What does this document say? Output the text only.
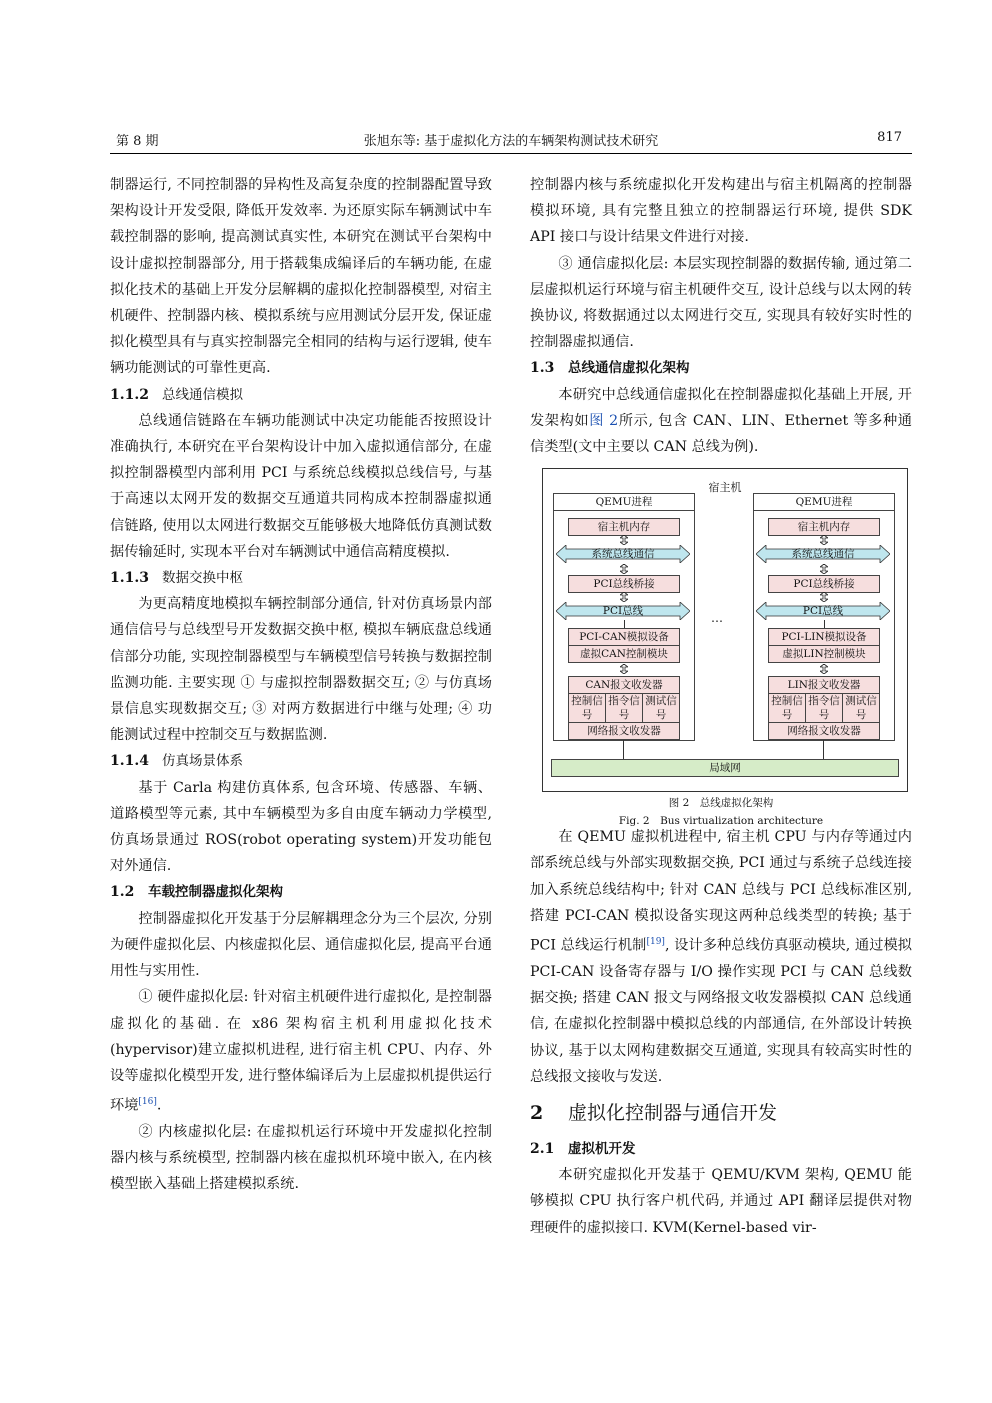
第 8 期	张旭东等: 基于虚拟化方法的车辆架构测试技术研究	817

制器运行, 不同控制器的异构性及高复杂度的控制器配置导致架构设计开发受限, 降低开发效率. 为还原实际车辆测试中车载控制器的影响, 提高测试真实性, 本研究在测试平台架构中设计虚拟控制器部分, 用于搭载集成编译后的车辆功能, 在虚拟化技术的基础上开发分层解耦的虚拟化控制器模型, 对宿主机硬件、控制器内核、模拟系统与应用测试分层开发, 保证虚拟化模型具有与真实控制器完全相同的结构与运行逻辑, 使车辆功能测试的可靠性更高.

1.1.2 总线通信模拟

总线通信链路在车辆功能测试中决定功能能否按照设计准确执行, 本研究在平台架构设计中加入虚拟通信部分, 在虚拟控制器模型内部利用 PCI 与系统总线模拟总线信号, 与基于高速以太网开发的数据交互通道共同构成本控制器虚拟通信链路, 使用以太网进行数据交互能够极大地降低仿真测试数据传输延时, 实现本平台对车辆测试中通信高精度模拟.

1.1.3 数据交换中枢

为更高精度地模拟车辆控制部分通信, 针对仿真场景内部通信信号与总线型号开发数据交换中枢, 模拟车辆底盘总线通信部分功能, 实现控制器模型与车辆模型信号转换与数据控制监测功能. 主要实现 ① 与虚拟控制器数据交互; ② 与仿真场景信息实现数据交互; ③ 对两方数据进行中继与处理; ④ 功能测试过程中控制交互与数据监测.

1.1.4 仿真场景体系

基于 Carla 构建仿真体系, 包含环境、传感器、车辆、道路模型等元素, 其中车辆模型为多自由度车辆动力学模型, 仿真场景通过 ROS(robot operating system)开发功能包对外通信.

1.2 车载控制器虚拟化架构

控制器虚拟化开发基于分层解耦理念分为三个层次, 分别为硬件虚拟化层、内核虚拟化层、通信虚拟化层, 提高平台通用性与实用性.

① 硬件虚拟化层: 针对宿主机硬件进行虚拟化, 是控制器虚拟化的基础. 在 x86 架构宿主机利用虚拟化技术(hypervisor)建立虚拟机进程, 进行宿主机 CPU、内存、外设等虚拟化模型开发, 进行整体编译后为上层虚拟机提供运行环境[16].

② 内核虚拟化层: 在虚拟机运行环境中开发虚拟化控制器内核与系统模型, 控制器内核在虚拟机环境中嵌入, 在内核模型嵌入基础上搭建模拟系统.

控制器内核与系统虚拟化开发构建出与宿主机隔离的控制器模拟环境, 具有完整且独立的控制器运行环境, 提供 SDK API 接口与设计结果文件进行对接.

③ 通信虚拟化层: 本层实现控制器的数据传输, 通过第二层虚拟机运行环境与宿主机硬件交互, 设计总线与以太网的转换协议, 将数据通过以太网进行交互, 实现具有较好实时性的控制器虚拟通信.

1.3 总线通信虚拟化架构

本研究中总线通信虚拟化在控制器虚拟化基础上开展, 开发架构如图 2所示, 包含 CAN、LIN、Ethernet 等多种通信类型(文中主要以 CAN 总线为例).

宿主机
QEMU进程
宿主机内存
系统总线通信
PCI总线桥接
PCI总线
PCI-CAN模拟设备
虚拟CAN控制模块
CAN报文收发器
控制信号
指令信号
测试信号
网络报文收发器
…
QEMU进程
宿主机内存
系统总线通信
PCI总线桥接
PCI总线
PCI-LIN模拟设备
虚拟LIN控制模块
LIN报文收发器
控制信号
指令信号
测试信号
网络报文收发器
局域网
图 2　总线虚拟化架构
Fig. 2　Bus virtualization architecture

在 QEMU 虚拟机进程中, 宿主机 CPU 与内存等通过内部系统总线与外部实现数据交换, PCI 通过与系统子总线连接加入系统总线结构中; 针对 CAN 总线与 PCI 总线标准区别, 搭建 PCI-CAN 模拟设备实现这两种总线类型的转换; 基于 PCI 总线运行机制[19], 设计多种总线仿真驱动模块, 通过模拟 PCI-CAN 设备寄存器与 I/O 操作实现 PCI 与 CAN 总线数据交换; 搭建 CAN 报文与网络报文收发器模拟 CAN 总线通信, 在虚拟化控制器中模拟总线的内部通信, 在外部设计转换协议, 基于以太网构建数据交互通道, 实现具有较高实时性的总线报文接收与发送.

2 虚拟化控制器与通信开发
2.1 虚拟机开发

本研究虚拟化开发基于 QEMU/KVM 架构, QEMU 能够模拟 CPU 执行客户机代码, 并通过 API 翻译层提供对物理硬件的虚拟接口. KVM(Kernel-based vir-
